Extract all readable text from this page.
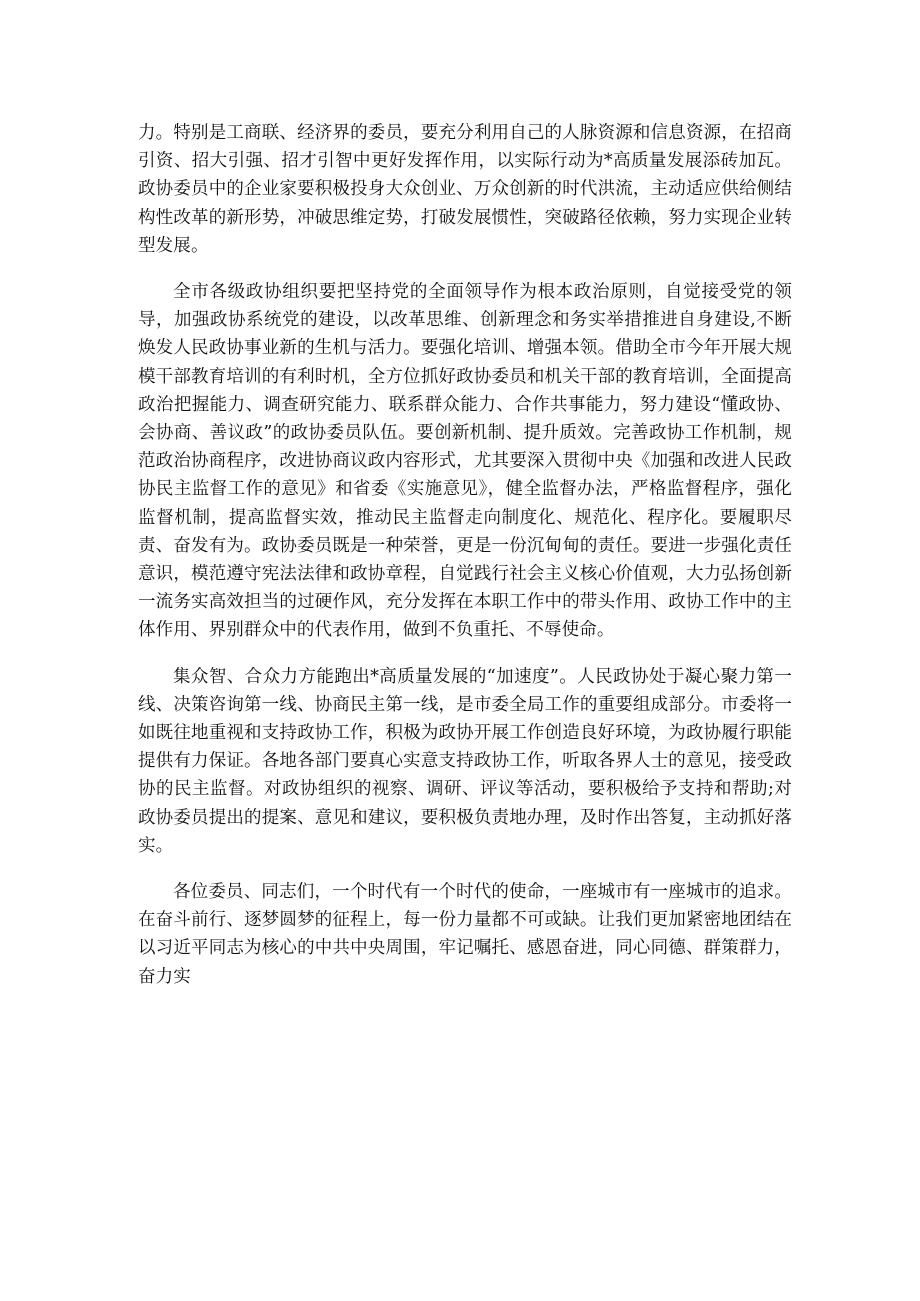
力。特别是工商联、经济界的委员，要充分利用自己的人脉资源和信息资源，在招商引资、招大引强、招才引智中更好发挥作用，以实际行动为*高质量发展添砖加瓦。政协委员中的企业家要积极投身大众创业、万众创新的时代洪流，主动适应供给侧结构性改革的新形势，冲破思维定势，打破发展惯性，突破路径依赖，努力实现企业转型发展。

全市各级政协组织要把坚持党的全面领导作为根本政治原则，自觉接受党的领导，加强政协系统党的建设，以改革思维、创新理念和务实举措推进自身建设,不断焕发人民政协事业新的生机与活力。要强化培训、增强本领。借助全市今年开展大规模干部教育培训的有利时机，全方位抓好政协委员和机关干部的教育培训，全面提高政治把握能力、调查研究能力、联系群众能力、合作共事能力，努力建设“懂政协、会协商、善议政”的政协委员队伍。要创新机制、提升质效。完善政协工作机制，规范政治协商程序，改进协商议政内容形式，尤其要深入贯彻中央《加强和改进人民政协民主监督工作的意见》和省委《实施意见》，健全监督办法，严格监督程序，强化监督机制，提高监督实效，推动民主监督走向制度化、规范化、程序化。要履职尽责、奋发有为。政协委员既是一种荣誉，更是一份沉甸甸的责任。要进一步强化责任意识，模范遵守宪法法律和政协章程，自觉践行社会主义核心价值观，大力弘扬创新一流务实高效担当的过硬作风，充分发挥在本职工作中的带头作用、政协工作中的主体作用、界别群众中的代表作用，做到不负重托、不辱使命。

集众智、合众力方能跑出*高质量发展的“加速度”。人民政协处于凝心聚力第一线、决策咨询第一线、协商民主第一线，是市委全局工作的重要组成部分。市委将一如既往地重视和支持政协工作，积极为政协开展工作创造良好环境，为政协履行职能提供有力保证。各地各部门要真心实意支持政协工作，听取各界人士的意见，接受政协的民主监督。对政协组织的视察、调研、评议等活动，要积极给予支持和帮助;对政协委员提出的提案、意见和建议，要积极负责地办理，及时作出答复，主动抓好落实。

各位委员、同志们，一个时代有一个时代的使命，一座城市有一座城市的追求。在奋斗前行、逐梦圆梦的征程上，每一份力量都不可或缺。让我们更加紧密地团结在以习近平同志为核心的中共中央周围，牢记嘱托、感恩奋进，同心同德、群策群力，奋力实
